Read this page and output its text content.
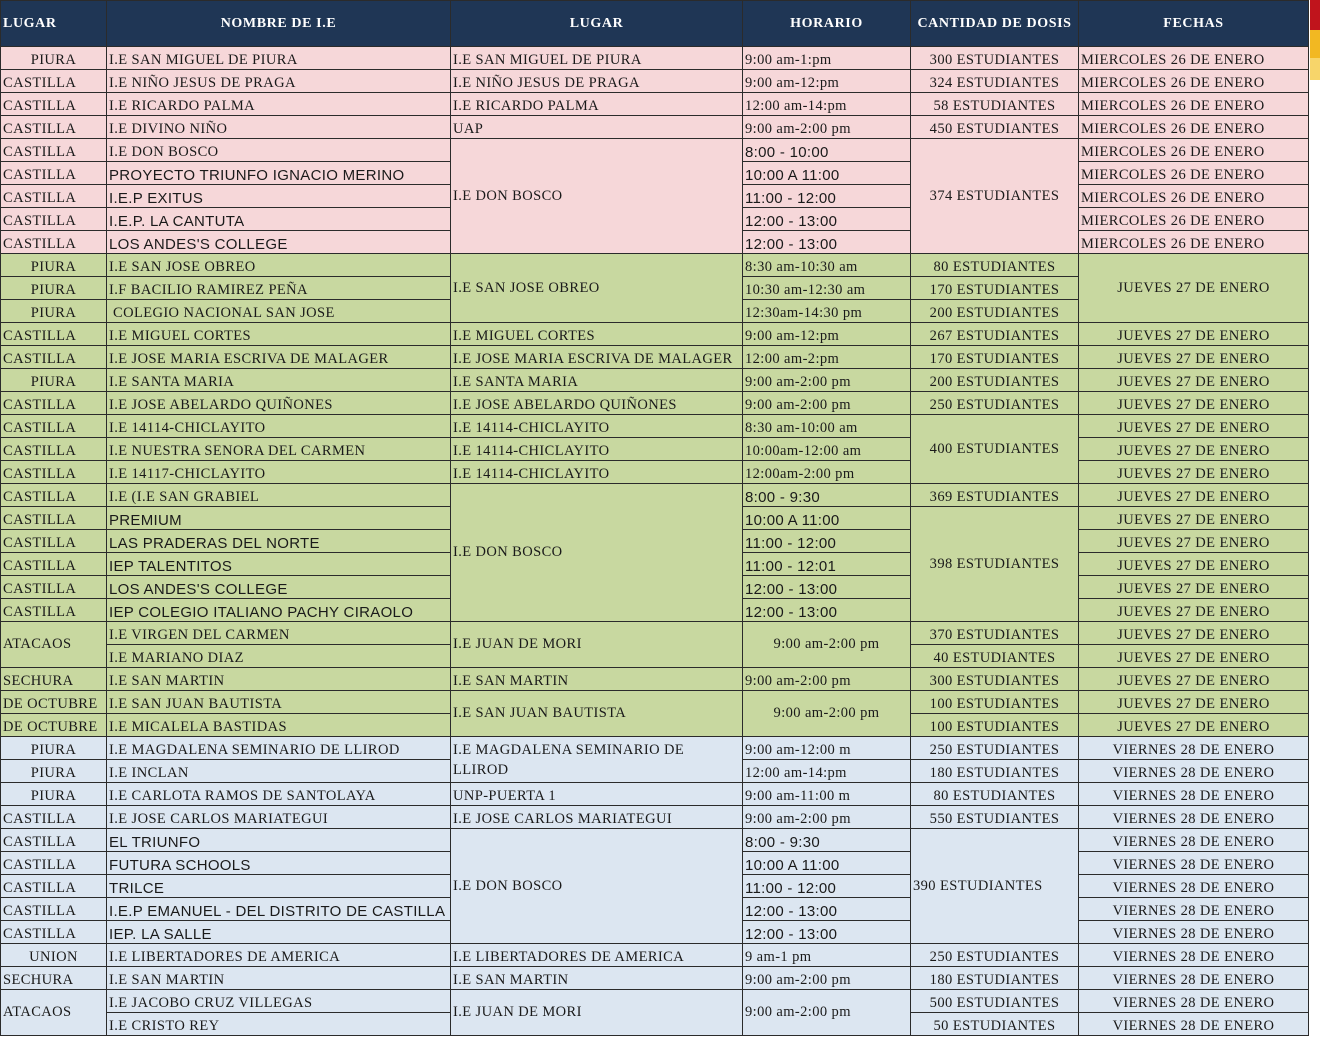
LUGAR	NOMBRE DE I.E	LUGAR	HORARIO	CANTIDAD DE DOSIS	FECHAS
PIURA	I.E SAN MIGUEL DE PIURA	I.E SAN MIGUEL DE PIURA	9:00 am-1:pm	300 ESTUDIANTES	MIERCOLES 26 DE ENERO
CASTILLA	I.E NIÑO JESUS DE PRAGA	I.E NIÑO JESUS DE PRAGA	9:00 am-12:pm	324 ESTUDIANTES	MIERCOLES 26 DE ENERO
CASTILLA	I.E RICARDO PALMA	I.E RICARDO PALMA	12:00 am-14:pm	58 ESTUDIANTES	MIERCOLES 26 DE ENERO
CASTILLA	I.E DIVINO NIÑO	UAP	9:00 am-2:00 pm	450 ESTUDIANTES	MIERCOLES 26 DE ENERO
CASTILLA	I.E DON BOSCO	I.E DON BOSCO	8:00 - 10:00	374 ESTUDIANTES	MIERCOLES 26 DE ENERO
CASTILLA	PROYECTO TRIUNFO IGNACIO MERINO		10:00 A 11:00		MIERCOLES 26 DE ENERO
CASTILLA	I.E.P EXITUS		11:00 - 12:00		MIERCOLES 26 DE ENERO
CASTILLA	I.E.P. LA CANTUTA		12:00 - 13:00		MIERCOLES 26 DE ENERO
CASTILLA	LOS ANDES'S COLLEGE		12:00 - 13:00		MIERCOLES 26 DE ENERO
PIURA	I.E SAN JOSE OBREO	I.E SAN JOSE OBREO	8:30 am-10:30 am	80 ESTUDIANTES	JUEVES 27 DE ENERO
PIURA	I.F BACILIO RAMIREZ PEÑA		10:30 am-12:30 am	170 ESTUDIANTES	
PIURA	COLEGIO NACIONAL SAN JOSE		12:30am-14:30 pm	200 ESTUDIANTES	
CASTILLA	I.E MIGUEL CORTES	I.E MIGUEL CORTES	9:00 am-12:pm	267 ESTUDIANTES	JUEVES 27 DE ENERO
CASTILLA	I.E JOSE MARIA ESCRIVA DE MALAGER	I.E JOSE MARIA ESCRIVA DE MALAGER	12:00 am-2:pm	170 ESTUDIANTES	JUEVES 27 DE ENERO
PIURA	I.E SANTA MARIA	I.E SANTA MARIA	9:00 am-2:00 pm	200 ESTUDIANTES	JUEVES 27 DE ENERO
CASTILLA	I.E JOSE ABELARDO QUIÑONES	I.E JOSE ABELARDO QUIÑONES	9:00 am-2:00 pm	250 ESTUDIANTES	JUEVES 27 DE ENERO
CASTILLA	I.E 14114-CHICLAYITO	I.E 14114-CHICLAYITO	8:30 am-10:00 am	400 ESTUDIANTES	JUEVES 27 DE ENERO
CASTILLA	I.E NUESTRA SENORA DEL CARMEN	I.E 14114-CHICLAYITO	10:00am-12:00 am		JUEVES 27 DE ENERO
CASTILLA	I.E 14117-CHICLAYITO	I.E 14114-CHICLAYITO	12:00am-2:00 pm		JUEVES 27 DE ENERO
CASTILLA	I.E (I.E SAN GRABIEL	I.E DON BOSCO	8:00 - 9:30	369 ESTUDIANTES	JUEVES 27 DE ENERO
CASTILLA	PREMIUM		10:00 A 11:00	398 ESTUDIANTES	JUEVES 27 DE ENERO
CASTILLA	LAS PRADERAS DEL NORTE		11:00 - 12:00		JUEVES 27 DE ENERO
CASTILLA	IEP TALENTITOS		11:00 - 12:01		JUEVES 27 DE ENERO
CASTILLA	LOS ANDES'S COLLEGE		12:00 - 13:00		JUEVES 27 DE ENERO
CASTILLA	IEP COLEGIO ITALIANO PACHY CIRAOLO		12:00 - 13:00		JUEVES 27 DE ENERO
ATACAOS	I.E VIRGEN DEL CARMEN	I.E JUAN DE MORI	9:00 am-2:00 pm	370 ESTUDIANTES	JUEVES 27 DE ENERO
	I.E MARIANO DIAZ			40 ESTUDIANTES	JUEVES 27 DE ENERO
SECHURA	I.E SAN MARTIN	I.E SAN MARTIN	9:00 am-2:00 pm	300 ESTUDIANTES	JUEVES 27 DE ENERO
DE OCTUBRE	I.E SAN JUAN BAUTISTA	I.E SAN JUAN BAUTISTA	9:00 am-2:00 pm	100 ESTUDIANTES	JUEVES 27 DE ENERO
DE OCTUBRE	I.E MICALELA BASTIDAS			100 ESTUDIANTES	JUEVES 27 DE ENERO
PIURA	I.E MAGDALENA SEMINARIO DE LLIROD	I.E MAGDALENA SEMINARIO DE LLIROD	9:00 am-12:00 m	250 ESTUDIANTES	VIERNES 28 DE ENERO
PIURA	I.E INCLAN		12:00 am-14:pm	180 ESTUDIANTES	VIERNES 28 DE ENERO
PIURA	I.E CARLOTA RAMOS DE SANTOLAYA	UNP-PUERTA 1	9:00 am-11:00 m	80 ESTUDIANTES	VIERNES 28 DE ENERO
CASTILLA	I.E JOSE CARLOS MARIATEGUI	I.E JOSE CARLOS MARIATEGUI	9:00 am-2:00 pm	550 ESTUDIANTES	VIERNES 28 DE ENERO
CASTILLA	EL TRIUNFO	I.E DON BOSCO	8:00 - 9:30	390 ESTUDIANTES	VIERNES 28 DE ENERO
CASTILLA	FUTURA SCHOOLS		10:00 A 11:00		VIERNES 28 DE ENERO
CASTILLA	TRILCE		11:00 - 12:00		VIERNES 28 DE ENERO
CASTILLA	I.E.P EMANUEL - DEL DISTRITO DE CASTILLA		12:00 - 13:00		VIERNES 28 DE ENERO
CASTILLA	IEP. LA SALLE		12:00 - 13:00		VIERNES 28 DE ENERO
UNION	I.E LIBERTADORES DE AMERICA	I.E LIBERTADORES DE AMERICA	9 am-1 pm	250 ESTUDIANTES	VIERNES 28 DE ENERO
SECHURA	I.E SAN MARTIN	I.E SAN MARTIN	9:00 am-2:00 pm	180 ESTUDIANTES	VIERNES 28 DE ENERO
ATACAOS	I.E JACOBO CRUZ VILLEGAS	I.E JUAN DE MORI	9:00 am-2:00 pm	500 ESTUDIANTES	VIERNES 28 DE ENERO
	I.E CRISTO REY			50 ESTUDIANTES	VIERNES 28 DE ENERO
